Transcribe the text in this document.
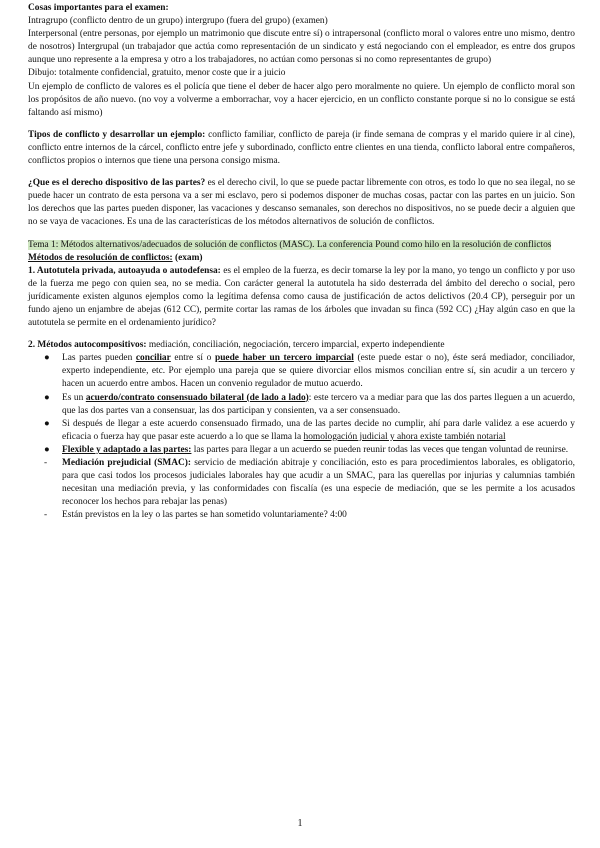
Cosas importantes para el examen:

Intragrupo (conflicto dentro de un grupo) intergrupo (fuera del grupo) (examen)

Interpersonal (entre personas, por ejemplo un matrimonio que discute entre sí) o intrapersonal (conflicto moral o valores entre uno mismo, dentro de nosotros) Intergrupal (un trabajador que actúa como representación de un sindicato y está negociando con el empleador, es entre dos grupos aunque uno represente a la empresa y otro a los trabajadores, no actúan como personas si no como representantes de grupo)

Dibujo: totalmente confidencial, gratuito, menor coste que ir a juicio

Un ejemplo de conflicto de valores es el policía que tiene el deber de hacer algo pero moralmente no quiere. Un ejemplo de conflicto moral son los propósitos de año nuevo. (no voy a volverme a emborrachar, voy a hacer ejercicio, en un conflicto constante porque si no lo consigue se está faltando así mismo)

Tipos de conflicto y desarrollar un ejemplo: conflicto familiar, conflicto de pareja (ir finde semana de compras y el marido quiere ir al cine), conflicto entre internos de la cárcel, conflicto entre jefe y subordinado, conflicto entre clientes en una tienda, conflicto laboral entre compañeros, conflictos propios o internos que tiene una persona consigo misma.

¿Que es el derecho dispositivo de las partes? es el derecho civil, lo que se puede pactar libremente con otros, es todo lo que no sea ilegal, no se puede hacer un contrato de esta persona va a ser mi esclavo, pero si podemos disponer de muchas cosas, pactar con las partes en un juicio. Son los derechos que las partes pueden disponer, las vacaciones y descanso semanales, son derechos no dispositivos, no se puede decir a alguien que no se vaya de vacaciones. Es una de las características de los métodos alternativos de solución de conflictos.

Tema 1: Métodos alternativos/adecuados de solución de conflictos (MASC). La conferencia Pound como hilo en la resolución de conflictos

Métodos de resolución de conflictos: (exam)

1. Autotutela privada, autoayuda o autodefensa: es el empleo de la fuerza, es decir tomarse la ley por la mano, yo tengo un conflicto y por uso de la fuerza me pego con quien sea, no se media. Con carácter general la autotutela ha sido desterrada del ámbito del derecho o social, pero jurídicamente existen algunos ejemplos como la legítima defensa como causa de justificación de actos delictivos (20.4 CP), perseguir por un fundo ajeno un enjambre de abejas (612 CC), permite cortar las ramas de los árboles que invadan su finca (592 CC) ¿Hay algún caso en que la autotutela se permite en el ordenamiento jurídico?

2. Métodos autocompositivos: mediación, conciliación, negociación, tercero imparcial, experto independiente

● Las partes pueden conciliar entre sí o puede haber un tercero imparcial (este puede estar o no), éste será mediador, conciliador, experto independiente, etc. Por ejemplo una pareja que se quiere divorciar ellos mismos concilian entre sí, sin acudir a un tercero y hacen un acuerdo entre ambos. Hacen un convenio regulador de mutuo acuerdo.
● Es un acuerdo/contrato consensuado bilateral (de lado a lado): este tercero va a mediar para que las dos partes lleguen a un acuerdo, que las dos partes van a consensuar, las dos participan y consienten, va a ser consensuado.
● Si después de llegar a este acuerdo consensuado firmado, una de las partes decide no cumplir, ahí para darle validez a ese acuerdo y eficacia o fuerza hay que pasar este acuerdo a lo que se llama la homologación judicial y ahora existe también notarial
● Flexible y adaptado a las partes: las partes para llegar a un acuerdo se pueden reunir todas las veces que tengan voluntad de reunirse.
- Mediación prejudicial (SMAC): servicio de mediación abitraje y conciliación, esto es para procedimientos laborales, es obligatorio, para que casi todos los procesos judiciales laborales hay que acudir a un SMAC, para las querellas por injurias y calumnias también necesitan una mediación previa, y las conformidades con fiscalía (es una especie de mediación, que se les permite a los acusados reconocer los hechos para rebajar las penas)
- Están previstos en la ley o las partes se han sometido voluntariamente? 4:00
1
